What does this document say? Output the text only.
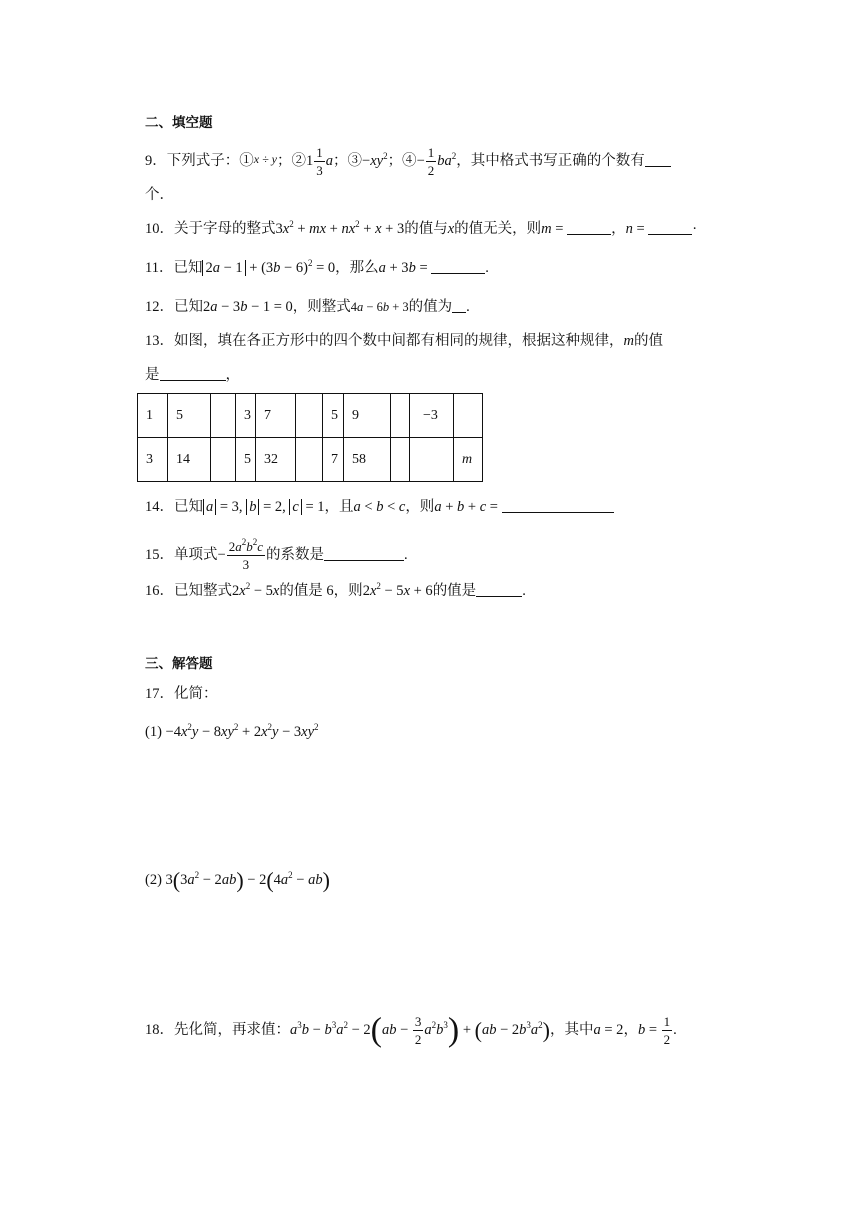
二、填空题
9．下列式子：①x ÷ y；②1 $\frac{1}{3}$ a；$③-xy^2$；④− $\frac{1}{2} ba^2$，其中格式书写正确的个数有
个．
10．关于字母的整式$3x^2$ + mx + $nx^2 + x + 3$的值与x的值无关，则m =	，n =	·
11．已知 $2a - 1 + (3b - 6)^2 = 0$，那么a + 3b =	.
12．已知2a − 3b − 1 = 0，则整式4a − 6b + 3的值为 .
13．如图，填在各正方形中的四个数中间都有相同的规律，根据这种规律，m的值
是	，
1	5		3	7		5	9		−3	
3	14		5	32		7	58			m
14．已知 a = 3, b = 2, c = 1，且a < b < c，则a + b + c =
15．单项式− $\frac{2a^2b^2c}{3}$ 的系数是	.
16．已知整式$2x^2 - 5x$的值是 6，则$2x^2 - 5x + 6$的值是	.
三、解答题
17．化简：
$(1) -4x^2y - 8xy^2 + 2x^2y - 3xy^2$
(2) $3(3a^2 - 2ab) - 2(4a^2 - ab)$
18．先化简，再求值：$a^3b - b^3a^2 - 2(ab - \frac{3}{2} a^2b^3) + (ab - 2b^3a^2)$，其中a = 2，$b = \frac{1}{2}$ .
